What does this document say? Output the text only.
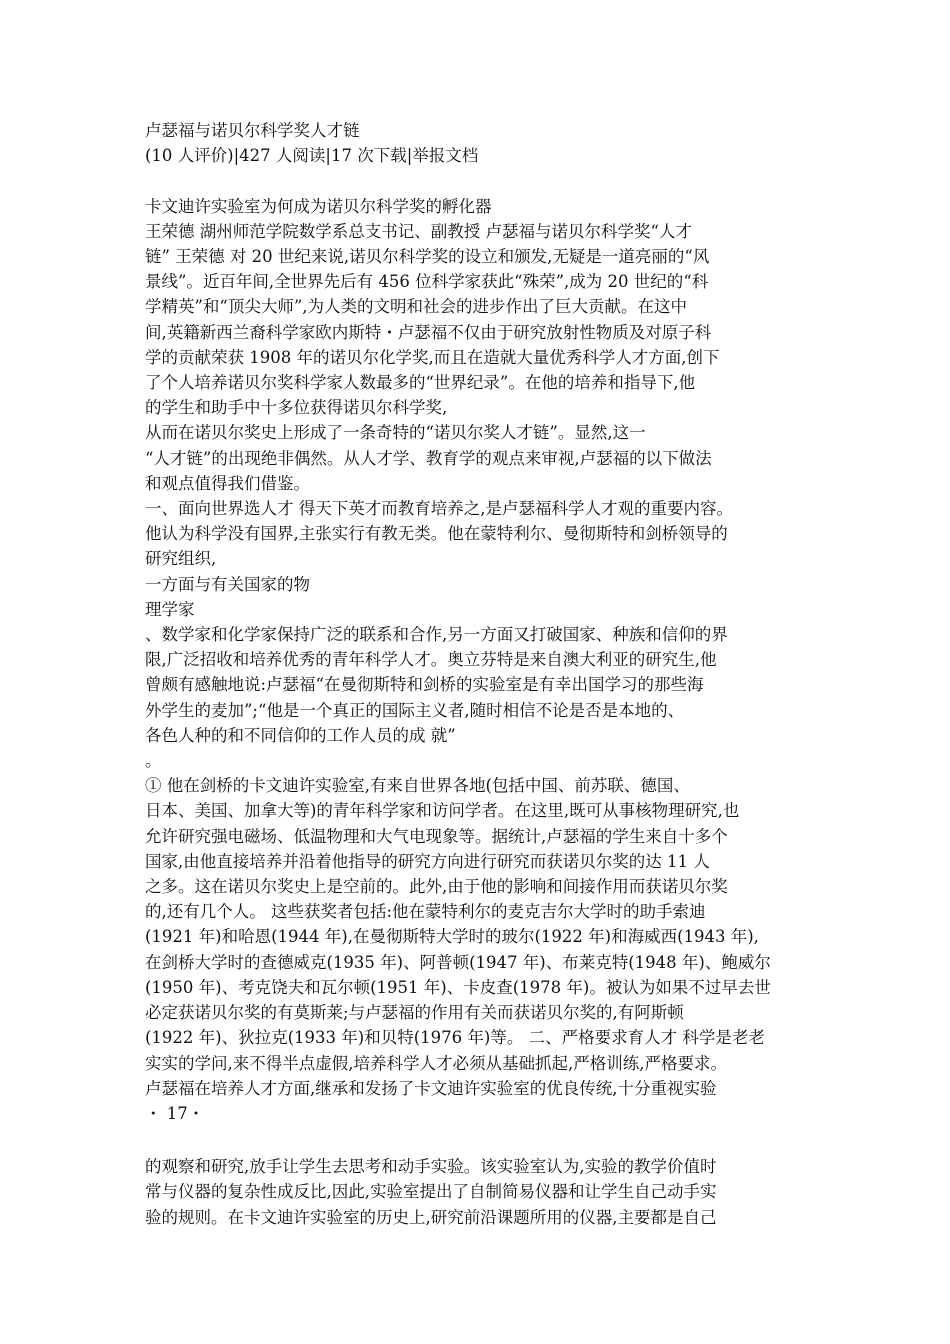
卢瑟福与诺贝尔科学奖人才链
(10 人评价)|427 人阅读|17 次下载|举报文档
卡文迪许实验室为何成为诺贝尔科学奖的孵化器
王荣德 湖州师范学院数学系总支书记、副教授 卢瑟福与诺贝尔科学奖“人才
链” 王荣德 对 20 世纪来说,诺贝尔科学奖的设立和颁发,无疑是一道亮丽的“风
景线”。近百年间,全世界先后有 456 位科学家获此“殊荣”,成为 20 世纪的“科
学精英”和“顶尖大师”,为人类的文明和社会的进步作出了巨大贡献。在这中
间,英籍新西兰裔科学家欧内斯特・卢瑟福不仅由于研究放射性物质及对原子科
学的贡献荣获 1908 年的诺贝尔化学奖,而且在造就大量优秀科学人才方面,创下
了个人培养诺贝尔奖科学家人数最多的“世界纪录”。在他的培养和指导下,他
的学生和助手中十多位获得诺贝尔科学奖,
从而在诺贝尔奖史上形成了一条奇特的“诺贝尔奖人才链”。显然,这一
“人才链”的出现绝非偶然。从人才学、教育学的观点来审视,卢瑟福的以下做法
和观点值得我们借鉴。
一、面向世界选人才 得天下英才而教育培养之,是卢瑟福科学人才观的重要内容。
他认为科学没有国界,主张实行有教无类。他在蒙特利尔、曼彻斯特和剑桥领导的
研究组织,
一方面与有关国家的物
理学家
、数学家和化学家保持广泛的联系和合作,另一方面又打破国家、种族和信仰的界
限,广泛招收和培养优秀的青年科学人才。奥立芬特是来自澳大利亚的研究生,他
曾颇有感触地说:卢瑟福“在曼彻斯特和剑桥的实验室是有幸出国学习的那些海
外学生的麦加”;“他是一个真正的国际主义者,随时相信不论是否是本地的、
各色人种的和不同信仰的工作人员的成 就”
。
① 他在剑桥的卡文迪许实验室,有来自世界各地(包括中国、前苏联、德国、
日本、美国、加拿大等)的青年科学家和访问学者。在这里,既可从事核物理研究,也
允许研究强电磁场、低温物理和大气电现象等。据统计,卢瑟福的学生来自十多个
国家,由他直接培养并沿着他指导的研究方向进行研究而获诺贝尔奖的达 11 人
之多。这在诺贝尔奖史上是空前的。此外,由于他的影响和间接作用而获诺贝尔奖
的,还有几个人。 这些获奖者包括:他在蒙特利尔的麦克吉尔大学时的助手索迪
(1921 年)和哈恩(1944 年),在曼彻斯特大学时的玻尔(1922 年)和海威西(1943 年),
在剑桥大学时的查德威克(1935 年)、阿普顿(1947 年)、布莱克特(1948 年)、鲍威尔
(1950 年)、考克饶夫和瓦尔顿(1951 年)、卡皮查(1978 年)。被认为如果不过早去世
必定获诺贝尔奖的有莫斯莱;与卢瑟福的作用有关而获诺贝尔奖的,有阿斯顿
(1922 年)、狄拉克(1933 年)和贝特(1976 年)等。 二、严格要求育人才 科学是老老
实实的学问,来不得半点虚假,培养科学人才必须从基础抓起,严格训练,严格要求。
卢瑟福在培养人才方面,继承和发扬了卡文迪许实验室的优良传统,十分重视实验
・ 17・
的观察和研究,放手让学生去思考和动手实验。该实验室认为,实验的教学价值时
常与仪器的复杂性成反比,因此,实验室提出了自制简易仪器和让学生自己动手实
验的规则。在卡文迪许实验室的历史上,研究前沿课题所用的仪器,主要都是自己
